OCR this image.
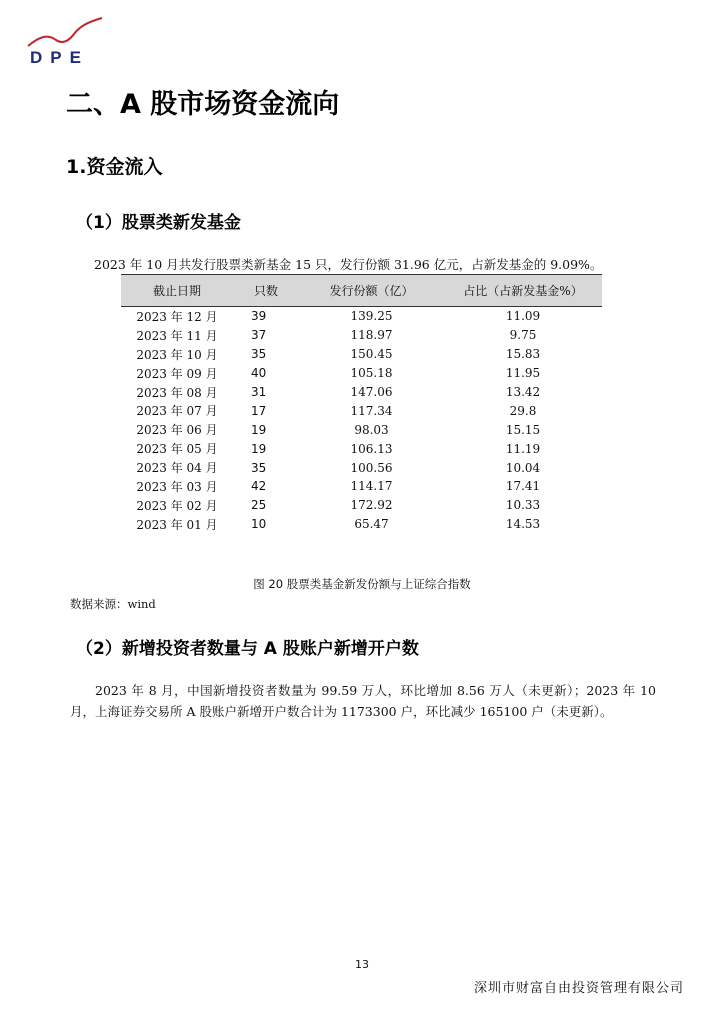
DPE
二、A 股市场资金流向
1.资金流入
（1）股票类新发基金

2023 年 10 月共发行股票类新基金 15 只，发行份额 31.96 亿元，占新发基金的 9.09%。

截止日期	只数	发行份额（亿）	占比（占新发基金%）
2023 年 12 月	39	139.25	11.09
2023 年 11 月	37	118.97	9.75
2023 年 10 月	35	150.45	15.83
2023 年 09 月	40	105.18	11.95
2023 年 08 月	31	147.06	13.42
2023 年 07 月	17	117.34	29.8
2023 年 06 月	19	98.03	15.15
2023 年 05 月	19	106.13	11.19
2023 年 04 月	35	100.56	10.04
2023 年 03 月	42	114.17	17.41
2023 年 02 月	25	172.92	10.33
2023 年 01 月	10	65.47	14.53

图 20 股票类基金新发份额与上证综合指数

数据来源：wind

（2）新增投资者数量与 A 股账户新增开户数

2023 年 8 月，中国新增投资者数量为 99.59 万人，环比增加 8.56 万人（未更新）；2023 年 10 月，上海证券交易所 A 股账户新增开户数合计为 1173300 户，环比减少 165100 户（未更新）。

13

深圳市财富自由投资管理有限公司
